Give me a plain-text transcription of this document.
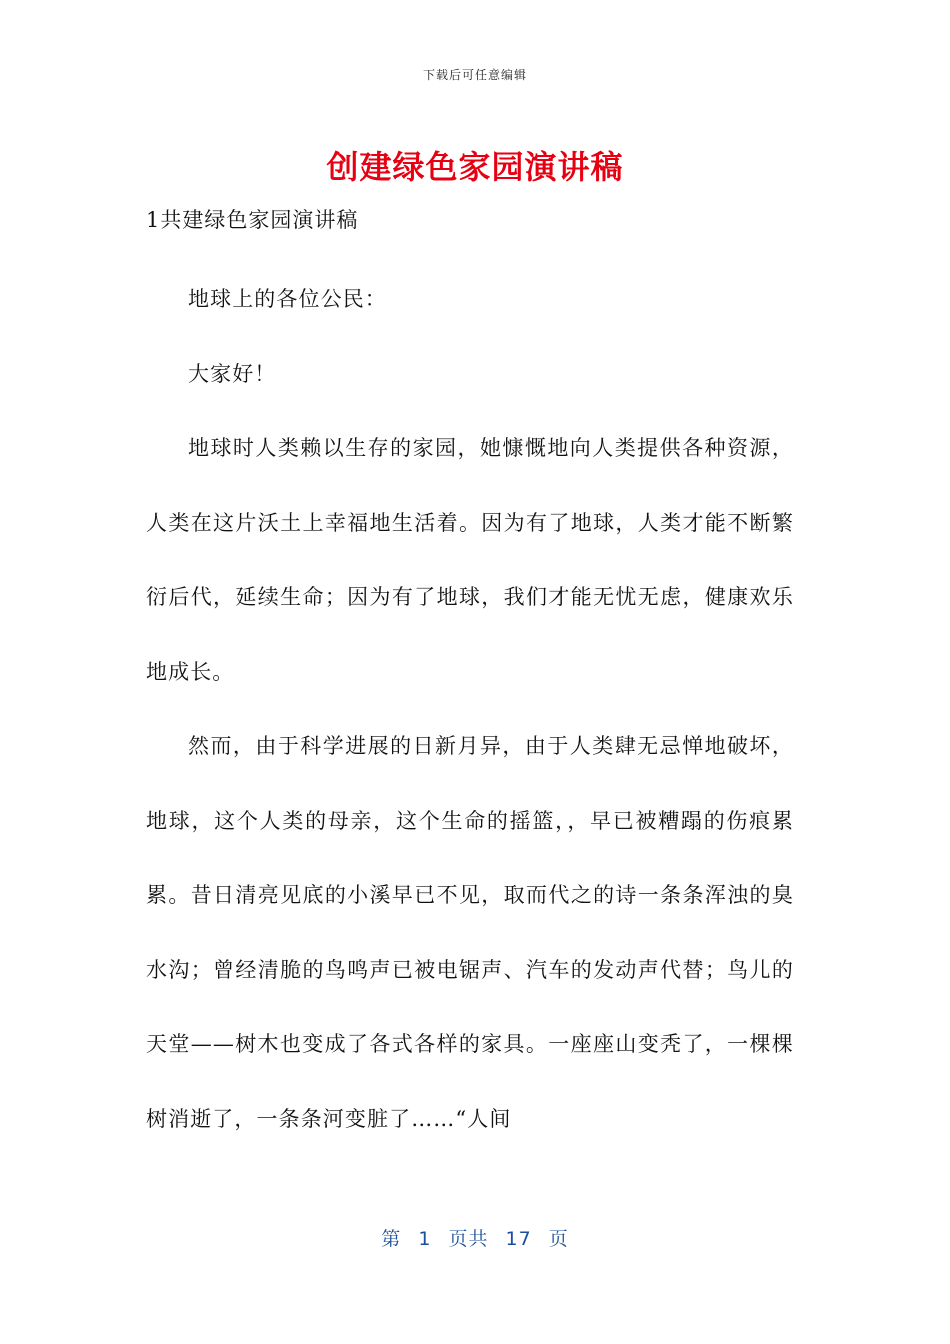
下载后可任意编辑
创建绿色家园演讲稿
1共建绿色家园演讲稿

地球上的各位公民：

大家好！

地球时人类赖以生存的家园，她慷慨地向人类提供各种资源，人类在这片沃土上幸福地生活着。因为有了地球，人类才能不断繁衍后代，延续生命；因为有了地球，我们才能无忧无虑，健康欢乐地成长。

然而，由于科学进展的日新月异，由于人类肆无忌惮地破坏，地球，这个人类的母亲，这个生命的摇篮，，早已被糟蹋的伤痕累累。昔日清亮见底的小溪早已不见，取而代之的诗一条条浑浊的臭水沟；曾经清脆的鸟鸣声已被电锯声、汽车的发动声代替；鸟儿的天堂——树木也变成了各式各样的家具。一座座山变秃了，一棵棵树消逝了，一条条河变脏了……“人间

第 1 页共 17 页
